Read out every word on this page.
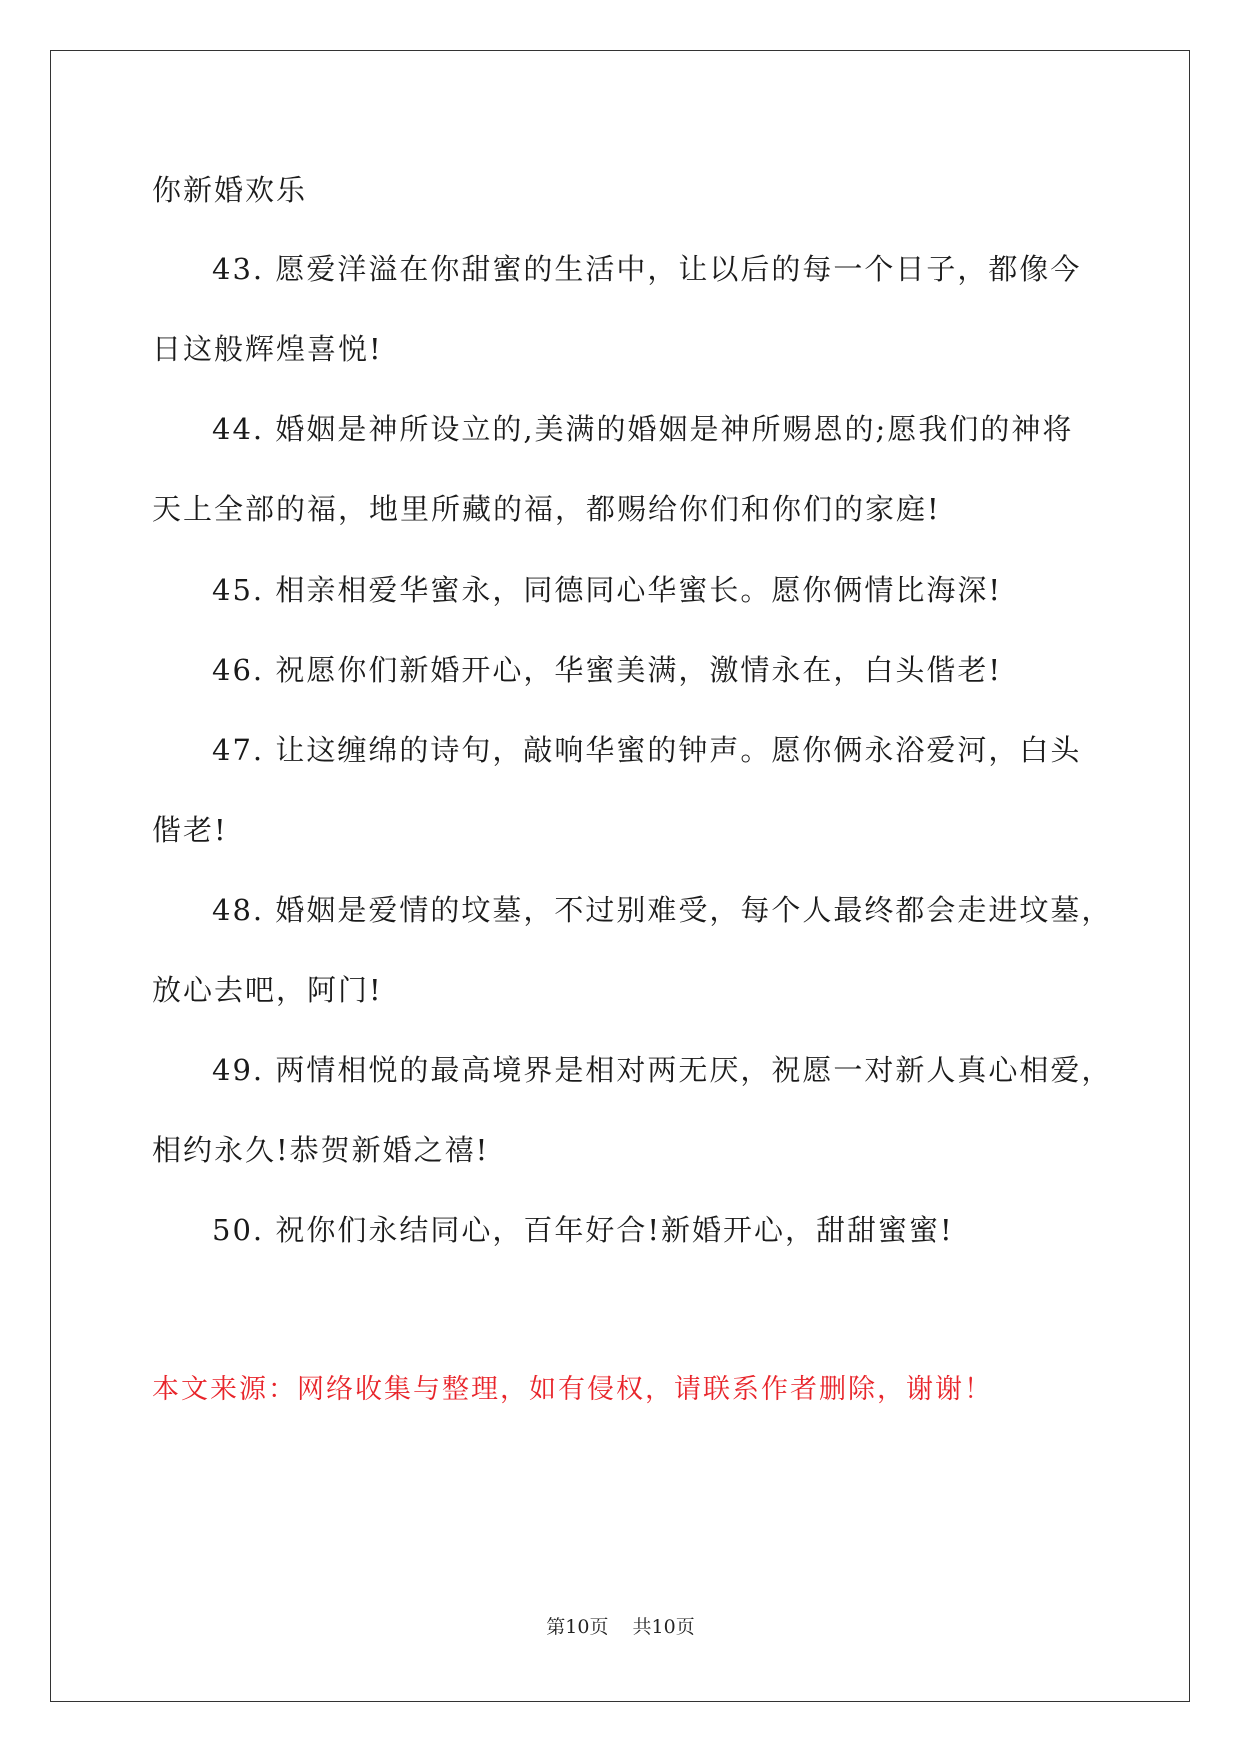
你新婚欢乐
43. 愿爱洋溢在你甜蜜的生活中，让以后的每一个日子，都像今
日这般辉煌喜悦!
44. 婚姻是神所设立的,美满的婚姻是神所赐恩的;愿我们的神将
天上全部的福，地里所藏的福，都赐给你们和你们的家庭!
45. 相亲相爱华蜜永，同德同心华蜜长。愿你俩情比海深!
46. 祝愿你们新婚开心，华蜜美满，激情永在，白头偕老!
47. 让这缠绵的诗句，敲响华蜜的钟声。愿你俩永浴爱河，白头
偕老!
48. 婚姻是爱情的坟墓，不过别难受，每个人最终都会走进坟墓，
放心去吧，阿门!
49. 两情相悦的最高境界是相对两无厌，祝愿一对新人真心相爱，
相约永久!恭贺新婚之禧!
50. 祝你们永结同心，百年好合!新婚开心，甜甜蜜蜜!
本文来源：网络收集与整理，如有侵权，请联系作者删除，谢谢！
第10页 共10页
